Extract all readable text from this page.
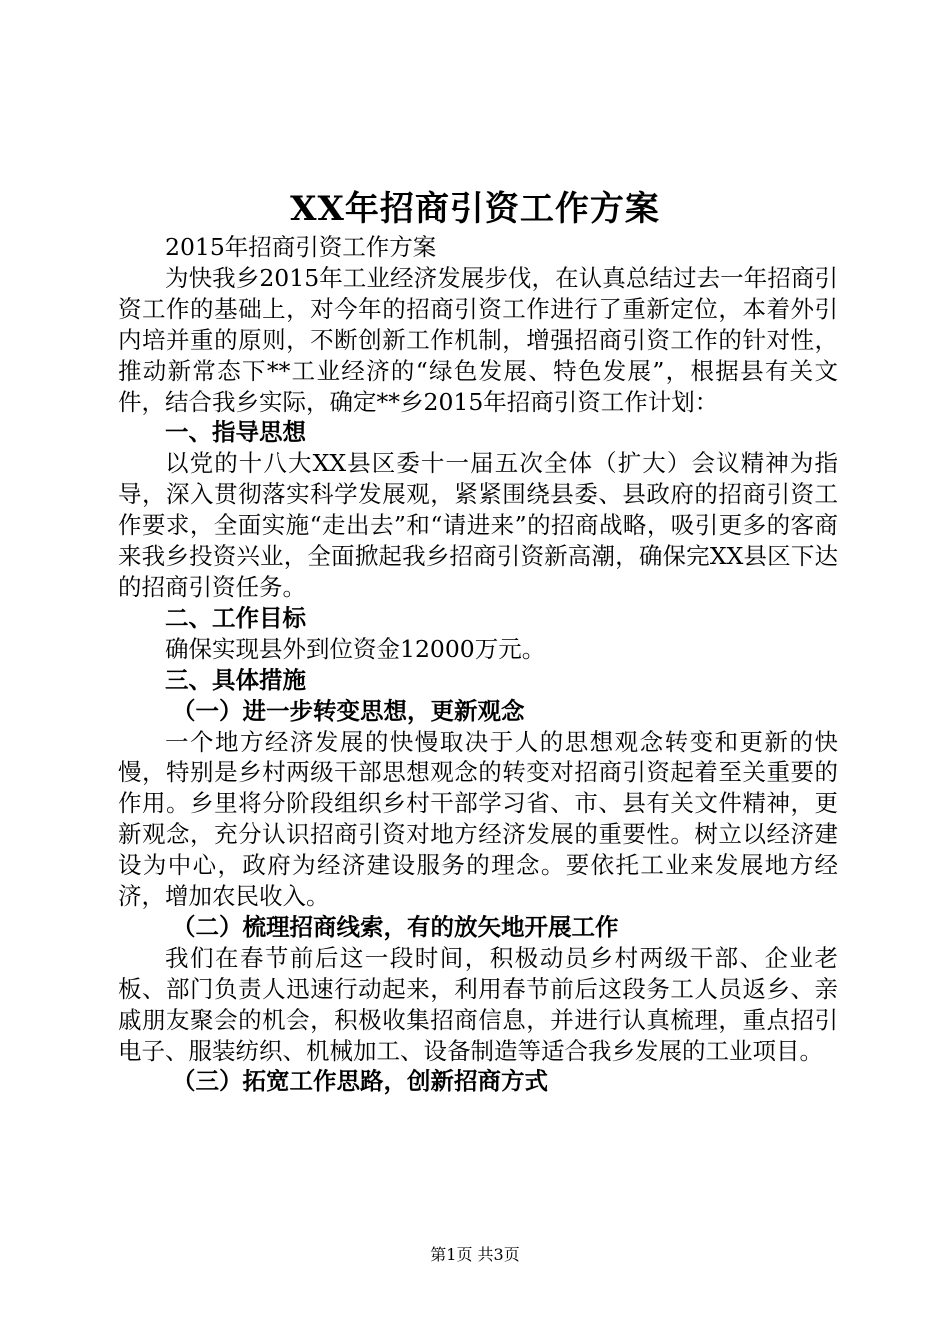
XX年招商引资工作方案

2015年招商引资工作方案

为快我乡2015年工业经济发展步伐，在认真总结过去一年招商引资工作的基础上，对今年的招商引资工作进行了重新定位，本着外引内培并重的原则，不断创新工作机制，增强招商引资工作的针对性，推动新常态下**工业经济的“绿色发展、特色发展”，根据县有关文件，结合我乡实际，确定**乡2015年招商引资工作计划：

一、指导思想

以党的十八大XX县区委十一届五次全体（扩大）会议精神为指导，深入贯彻落实科学发展观，紧紧围绕县委、县政府的招商引资工作要求，全面实施“走出去”和“请进来”的招商战略，吸引更多的客商来我乡投资兴业，全面掀起我乡招商引资新高潮，确保完XX县区下达的招商引资任务。

二、工作目标

确保实现县外到位资金12000万元。

三、具体措施
（一）进一步转变思想，更新观念

一个地方经济发展的快慢取决于人的思想观念转变和更新的快慢，特别是乡村两级干部思想观念的转变对招商引资起着至关重要的作用。乡里将分阶段组织乡村干部学习省、市、县有关文件精神，更新观念，充分认识招商引资对地方经济发展的重要性。树立以经济建设为中心，政府为经济建设服务的理念。要依托工业来发展地方经济，增加农民收入。

（二）梳理招商线索，有的放矢地开展工作

我们在春节前后这一段时间，积极动员乡村两级干部、企业老板、部门负责人迅速行动起来，利用春节前后这段务工人员返乡、亲戚朋友聚会的机会，积极收集招商信息，并进行认真梳理，重点招引电子、服装纺织、机械加工、设备制造等适合我乡发展的工业项目。

（三）拓宽工作思路，创新招商方式
第1页 共3页
